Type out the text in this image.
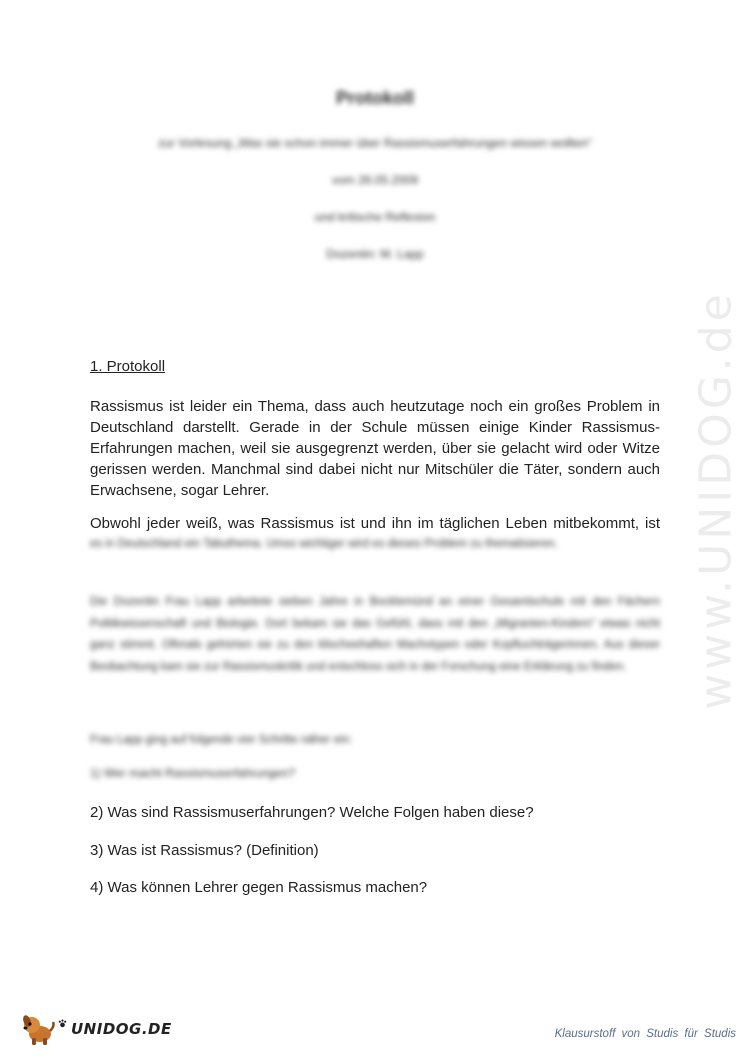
www.UNIDOG.de
Protokoll
zur Vorlesung „Was sie schon immer über Rassismuserfahrungen wissen wollten“
vom 26.05.2009
und kritische Reflexion
Dozentin: M. Lapp
1. Protokoll
Rassismus ist leider ein Thema, dass auch heutzutage noch ein großes Problem in Deutschland darstellt. Gerade in der Schule müssen einige Kinder Rassismus-Erfahrungen machen, weil sie ausgegrenzt werden, über sie gelacht wird oder Witze gerissen werden. Manchmal sind dabei nicht nur Mitschüler die Täter, sondern auch Erwachsene, sogar Lehrer.
Obwohl jeder weiß, was Rassismus ist und ihn im täglichen Leben mitbekommt, ist
es in Deutschland ein Tabuthema. Umso wichtiger wird es dieses Problem zu thematisieren.
Die Dozentin Frau Lapp arbeitete sieben Jahre in Bocklemünd an einer Gesamtschule mit den Fächern Politikwissenschaft und Biologie. Dort bekam sie das Gefühl, dass mit den „Migranten-Kindern“ etwas nicht ganz stimmt. Oftmals gehörten sie zu den klischeehaften Machotypen oder Kopftuchträgerinnen. Aus dieser Beobachtung kam sie zur Rassismuskritik und entschloss sich in der Forschung eine Erklärung zu finden.
Frau Lapp ging auf folgende vier Schritte näher ein:
1) Wer macht Rassismuserfahrungen?
2) Was sind Rassismuserfahrungen? Welche Folgen haben diese?
3) Was ist Rassismus? (Definition)
4) Was können Lehrer gegen Rassismus machen?
UNIDOG.DE	Klausurstoff von Studis für Studis
